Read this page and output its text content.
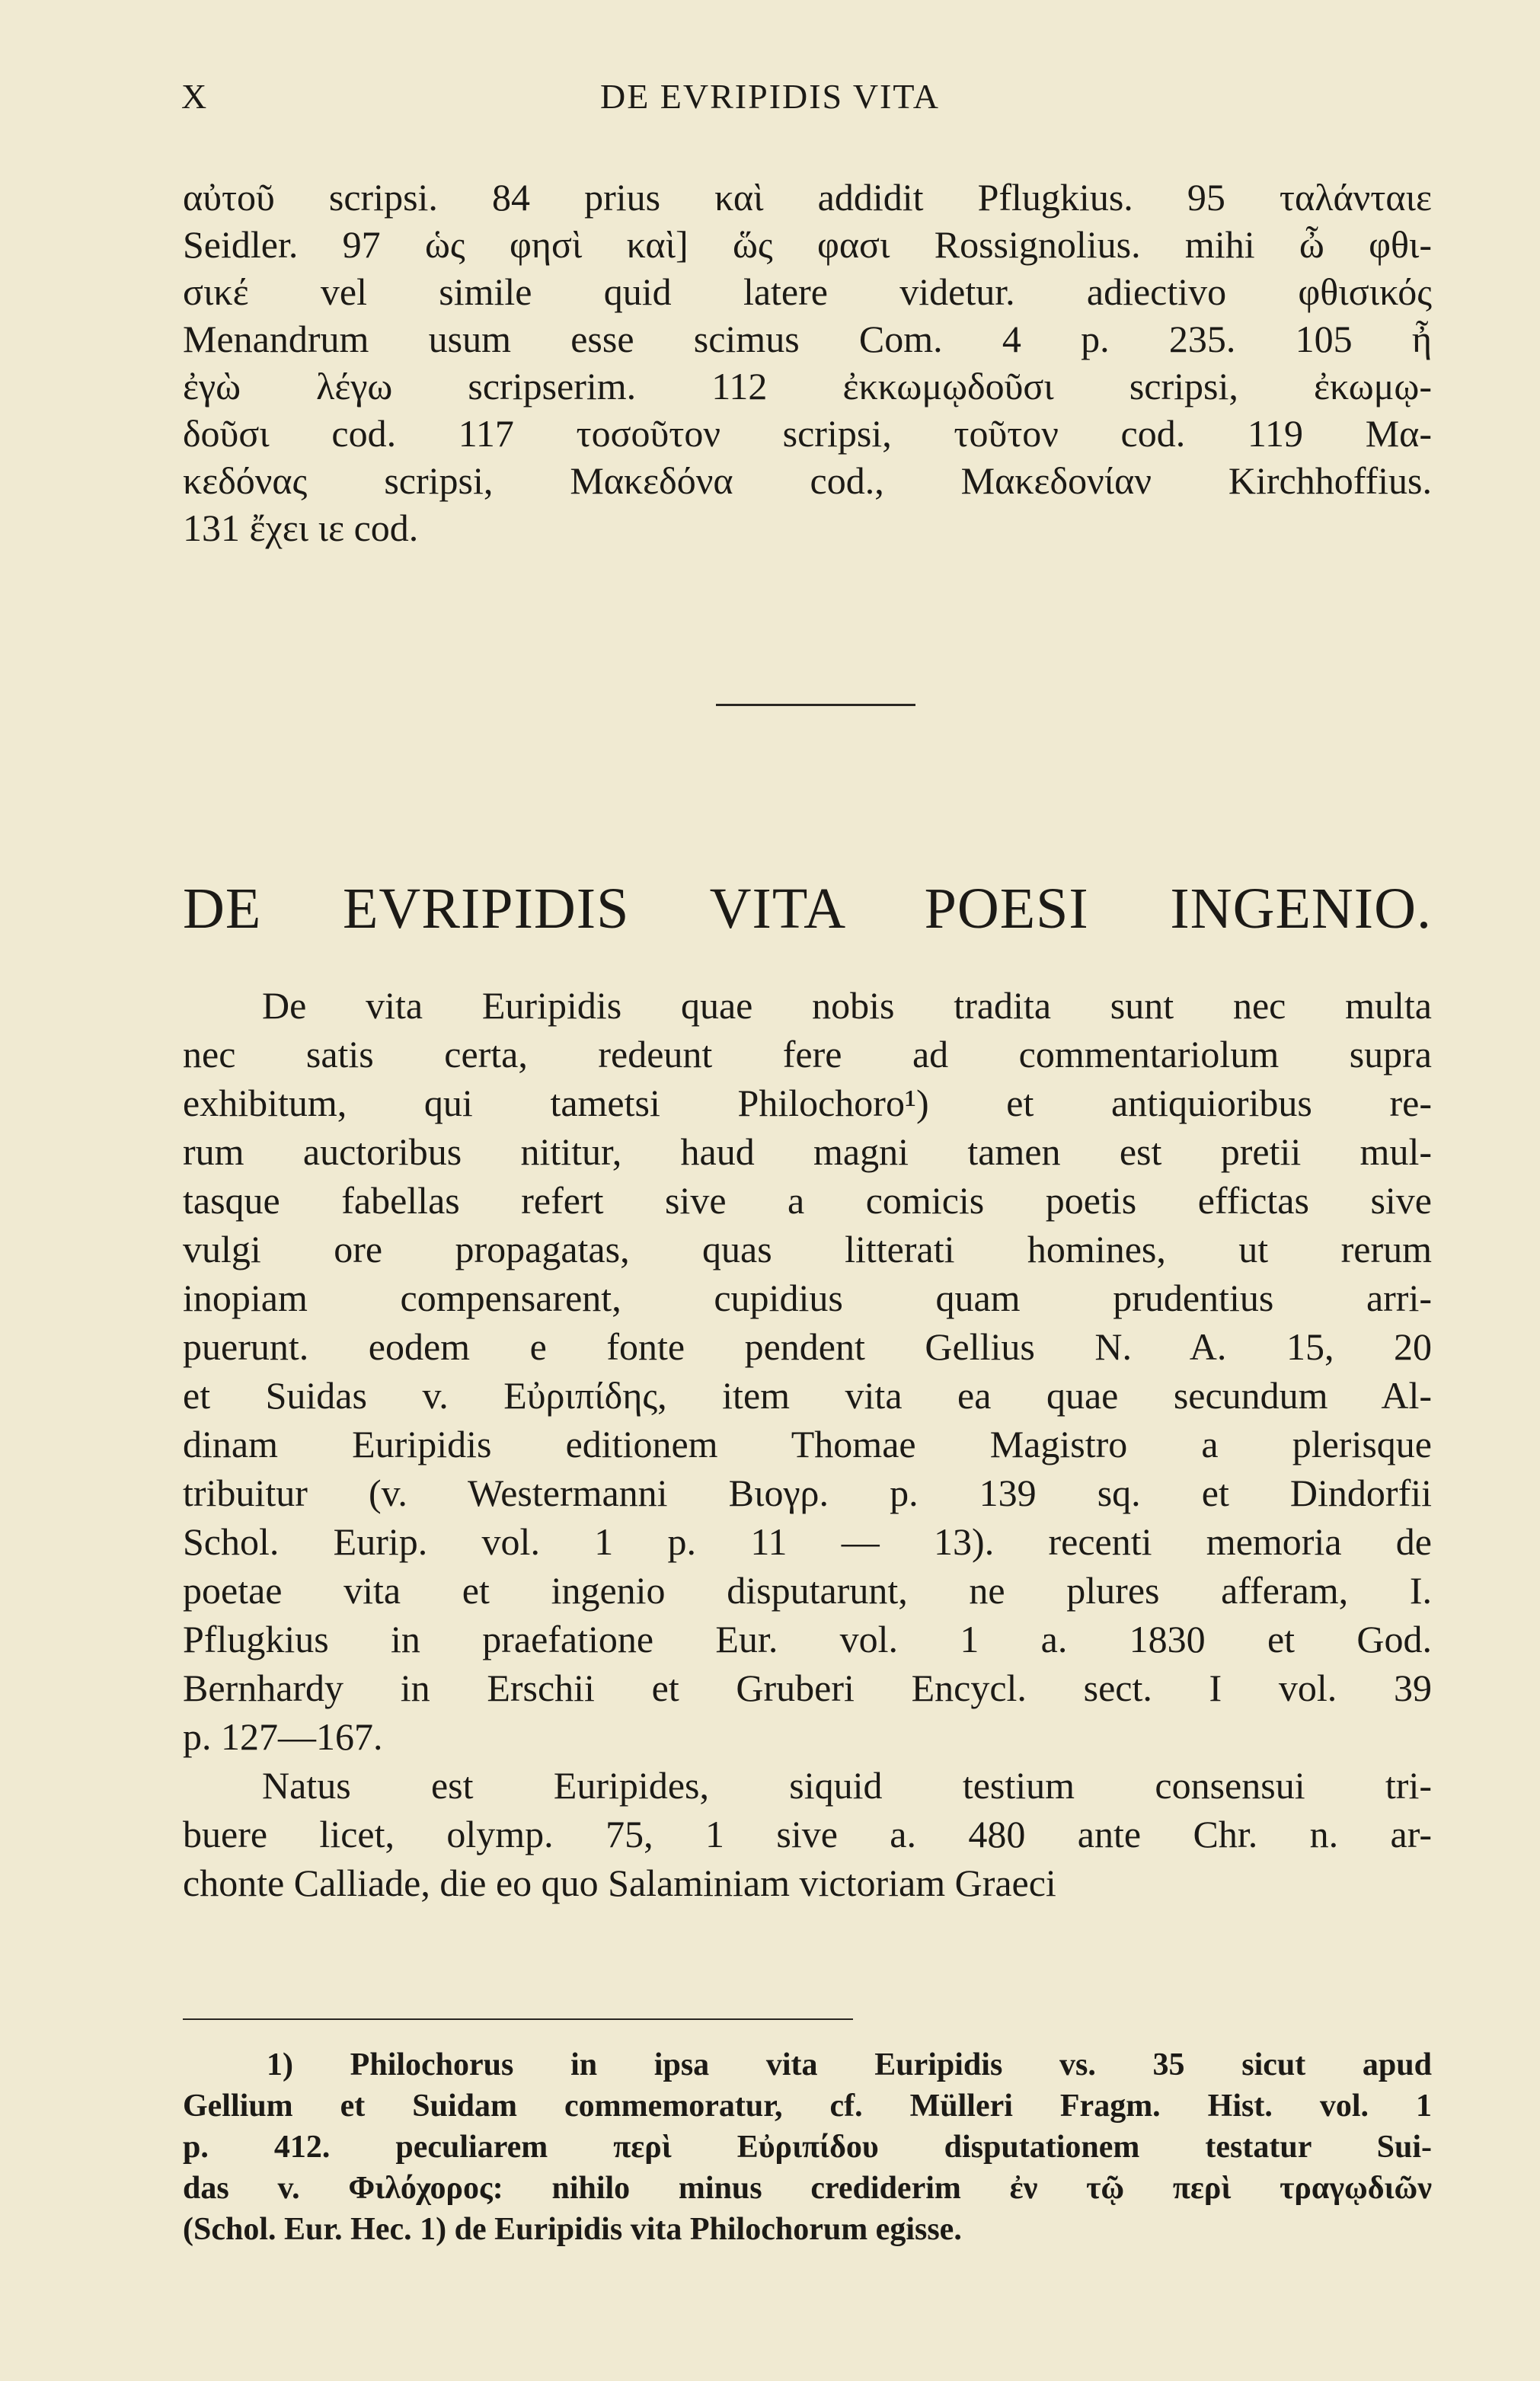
X	DE EVRIPIDIS VITA
αὐτοῦ scripsi. 84 prius καὶ addidit Pflugkius. 95 ταλάνταιε
Seidler. 97 ὡς φησὶ καὶ] ὥς φασι Rossignolius. mihi ὦ φθι-
σικέ vel simile quid latere videtur. adiectivo φθισικός
Menandrum usum esse scimus Com. 4 p. 235. 105 ἦ
ἐγὼ λέγω scripserim. 112 ἐκκωμῳδοῦσι scripsi, ἐκωμῳ-
δοῦσι cod. 117 τοσοῦτον scripsi, τοῦτον cod. 119 Μα-
κεδόνας scripsi, Μακεδόνα cod., Μακεδονίαν Kirchhoffius.
131 ἔχει ιε cod.
DE EVRIPIDIS VITA POESI INGENIO.
De vita Euripidis quae nobis tradita sunt nec multa
nec satis certa, redeunt fere ad commentariolum supra
exhibitum, qui tametsi Philochoro¹) et antiquioribus re-
rum auctoribus nititur, haud magni tamen est pretii mul-
tasque fabellas refert sive a comicis poetis effictas sive
vulgi ore propagatas, quas litterati homines, ut rerum
inopiam compensarent, cupidius quam prudentius arri-
puerunt. eodem e fonte pendent Gellius N. A. 15, 20
et Suidas v. Εὐριπίδης, item vita ea quae secundum Al-
dinam Euripidis editionem Thomae Magistro a plerisque
tribuitur (v. Westermanni Βιογρ. p. 139 sq. et Dindorfii
Schol. Eurip. vol. 1 p. 11 — 13). recenti memoria de
poetae vita et ingenio disputarunt, ne plures afferam, I.
Pflugkius in praefatione Eur. vol. 1 a. 1830 et God.
Bernhardy in Erschii et Gruberi Encycl. sect. I vol. 39
p. 127—167.
Natus est Euripides, siquid testium consensui tri-
buere licet, olymp. 75, 1 sive a. 480 ante Chr. n. ar-
chonte Calliade, die eo quo Salaminiam victoriam Graeci
1) Philochorus in ipsa vita Euripidis vs. 35 sicut apud
Gellium et Suidam commemoratur, cf. Mülleri Fragm. Hist. vol. 1
p. 412. peculiarem περὶ Εὐριπίδου disputationem testatur Sui-
das v. Φιλόχορος: nihilo minus crediderim ἐν τῷ περὶ τραγῳδιῶν
(Schol. Eur. Hec. 1) de Euripidis vita Philochorum egisse.
